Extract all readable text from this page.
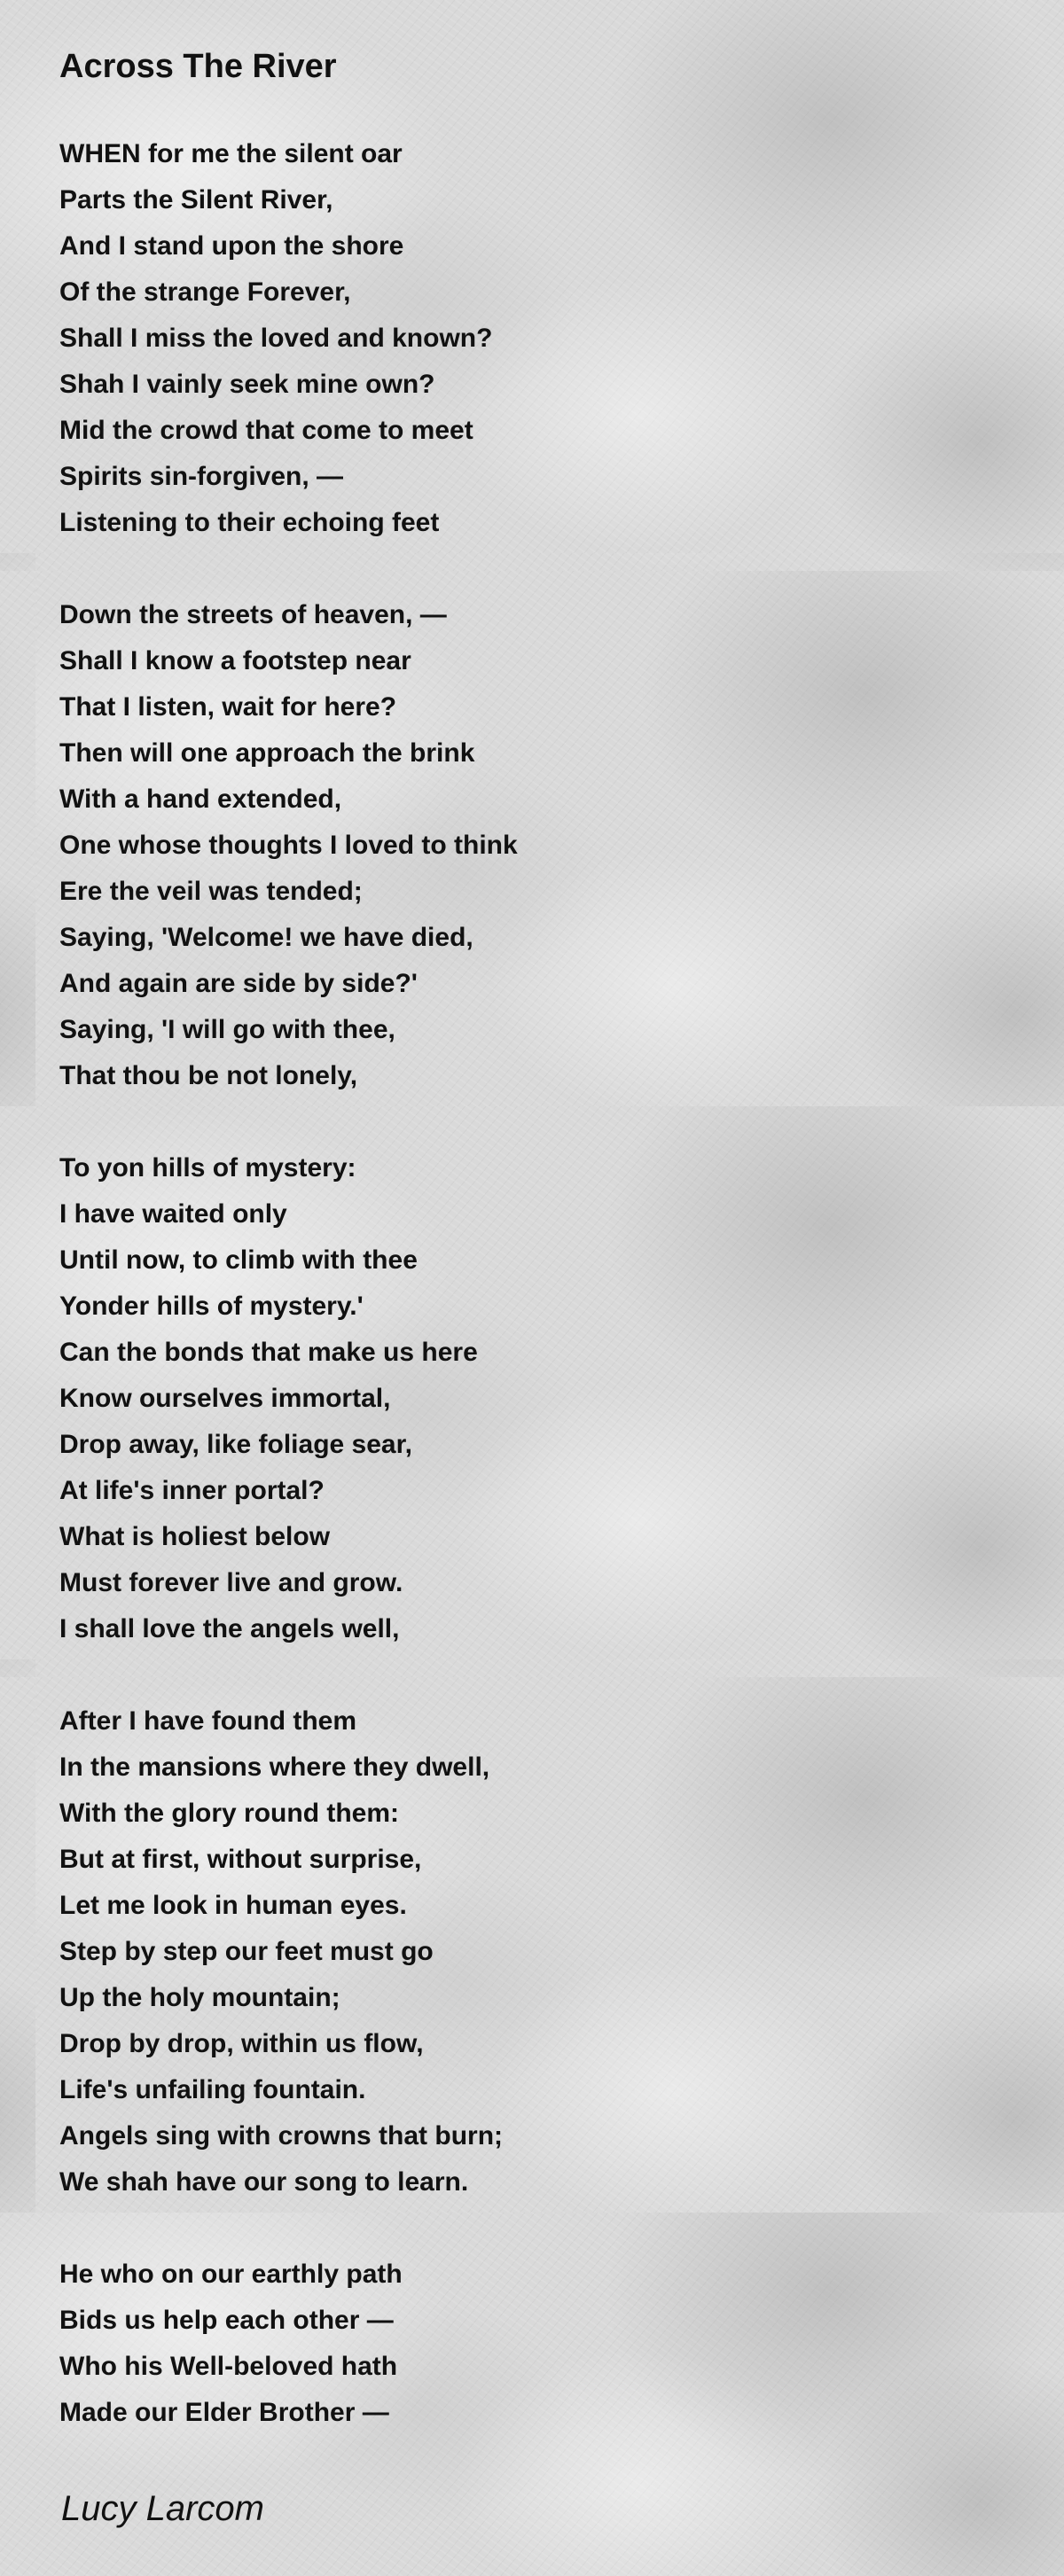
Across The River
WHEN for me the silent oar
Parts the Silent River,
And I stand upon the shore
Of the strange Forever,
Shall I miss the loved and known?
Shah I vainly seek mine own?
Mid the crowd that come to meet
Spirits sin-forgiven, —
Listening to their echoing feet
Down the streets of heaven, —
Shall I know a footstep near
That I listen, wait for here?
Then will one approach the brink
With a hand extended,
One whose thoughts I loved to think
Ere the veil was tended;
Saying, 'Welcome! we have died,
And again are side by side?'
Saying, 'I will go with thee,
That thou be not lonely,
To yon hills of mystery:
I have waited only
Until now, to climb with thee
Yonder hills of mystery.'
Can the bonds that make us here
Know ourselves immortal,
Drop away, like foliage sear,
At life's inner portal?
What is holiest below
Must forever live and grow.
I shall love the angels well,
After I have found them
In the mansions where they dwell,
With the glory round them:
But at first, without surprise,
Let me look in human eyes.
Step by step our feet must go
Up the holy mountain;
Drop by drop, within us flow,
Life's unfailing fountain.
Angels sing with crowns that burn;
We shah have our song to learn.
He who on our earthly path
Bids us help each other —
Who his Well-beloved hath
Made our Elder Brother —
Lucy Larcom
